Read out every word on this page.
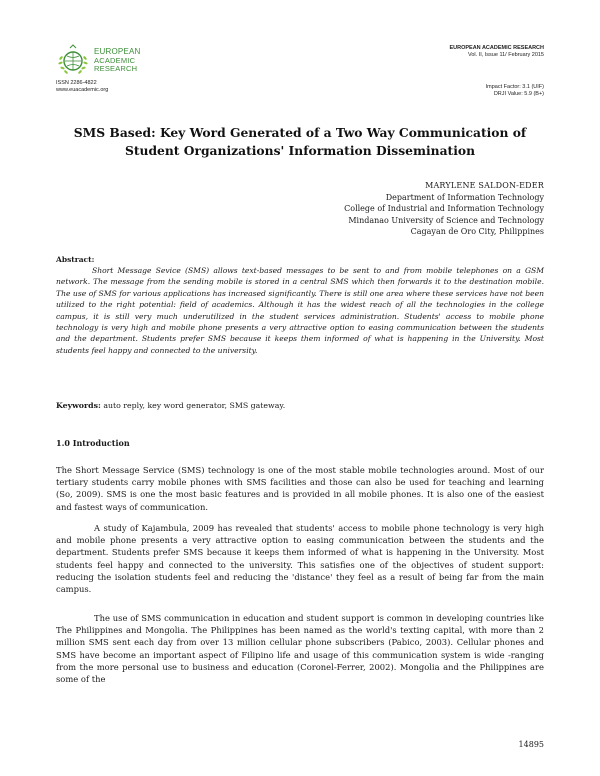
EUROPEAN
ACADEMIC
RESEARCH
ISSN 2286-4822
www.euacademic.org
EUROPEAN ACADEMIC RESEARCH
Vol. II, Issue 11/ February 2015
Impact Factor: 3.1 (UIF)
DRJI Value: 5.9 (B+)
SMS Based: Key Word Generated of a Two Way Communication of
Student Organizations' Information Dissemination
MARYLENE SALDON-EDER
Department of Information Technology
College of Industrial and Information Technology
Mindanao University of Science and Technology
Cagayan de Oro City, Philippines
Abstract:

Short Message Sevice (SMS) allows text-based messages to be sent to and from mobile telephones on a GSM network. The message from the sending mobile is stored in a central SMS which then forwards it to the destination mobile. The use of SMS for various applications has increased significantly. There is still one area where these services have not been utilized to the right potential: field of academics. Although it has the widest reach of all the technologies in the college campus, it is still very much underutilized in the student services administration. Students' access to mobile phone technology is very high and mobile phone presents a very attractive option to easing communication between the students and the department. Students prefer SMS because it keeps them informed of what is happening in the University. Most students feel happy and connected to the university.

Keywords: auto reply, key word generator, SMS gateway.
1.0 Introduction

The Short Message Service (SMS) technology is one of the most stable mobile technologies around. Most of our tertiary students carry mobile phones with SMS facilities and those can also be used for teaching and learning (So, 2009). SMS is one the most basic features and is provided in all mobile phones. It is also one of the easiest and fastest ways of communication.

A study of Kajambula, 2009 has revealed that students' access to mobile phone technology is very high and mobile phone presents a very attractive option to easing communication between the students and the department. Students prefer SMS because it keeps them informed of what is happening in the University. Most students feel happy and connected to the university. This satisfies one of the objectives of student support: reducing the isolation students feel and reducing the 'distance' they feel as a result of being far from the main campus.

The use of SMS communication in education and student support is common in developing countries like The Philippines and Mongolia. The Philippines has been named as the world's texting capital, with more than 2 million SMS sent each day from over 13 million cellular phone subscribers (Pabico, 2003). Cellular phones and SMS have become an important aspect of Filipino life and usage of this communication system is wide -ranging from the more personal use to business and education (Coronel-Ferrer, 2002). Mongolia and the Philippines are some of the

14895
